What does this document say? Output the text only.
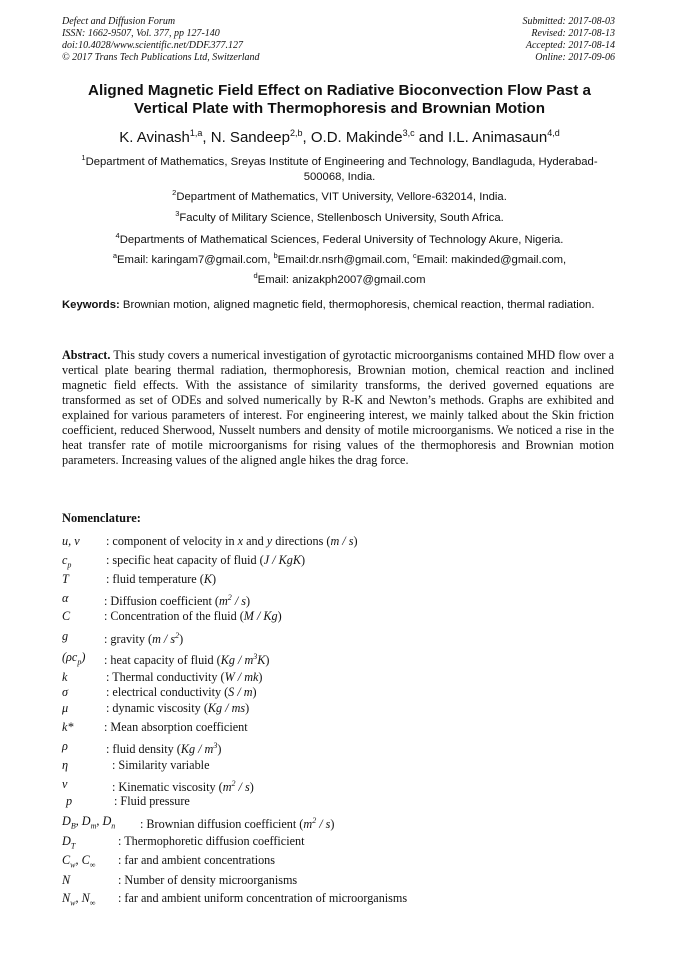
Defect and Diffusion Forum
ISSN: 1662-9507, Vol. 377, pp 127-140
doi:10.4028/www.scientific.net/DDF.377.127
© 2017 Trans Tech Publications Ltd, Switzerland
Submitted: 2017-08-03
Revised: 2017-08-13
Accepted: 2017-08-14
Online: 2017-09-06
Aligned Magnetic Field Effect on Radiative Bioconvection Flow Past a Vertical Plate with Thermophoresis and Brownian Motion
K. Avinash$^{1,a}$, N. Sandeep$^{2,b}$, O.D. Makinde$^{3,c}$ and I.L. Animasaun$^{4,d}$
$^1$Department of Mathematics, Sreyas Institute of Engineering and Technology, Bandlaguda, Hyderabad-500068, India.
$^2$Department of Mathematics, VIT University, Vellore-632014, India.
$^3$Faculty of Military Science, Stellenbosch University, South Africa.
$^4$Departments of Mathematical Sciences, Federal University of Technology Akure, Nigeria.
$^a$Email: karingam7@gmail.com, $^b$Email:dr.nsrh@gmail.com, $^c$Email: makinded@gmail.com,
$^d$Email: anizakph2007@gmail.com
Keywords: Brownian motion, aligned magnetic field, thermophoresis, chemical reaction, thermal radiation.
Abstract. This study covers a numerical investigation of gyrotactic microorganisms contained MHD flow over a vertical plate bearing thermal radiation, thermophoresis, Brownian motion, chemical reaction and inclined magnetic field effects. With the assistance of similarity transforms, the derived governed equations are transformed as set of ODEs and solved numerically by R-K and Newton’s methods. Graphs are exhibited and explained for various parameters of interest. For engineering interest, we mainly talked about the Skin friction coefficient, reduced Sherwood, Nusselt numbers and density of motile microorganisms. We noticed a rise in the heat transfer rate of motile microorganisms for rising values of the thermophoresis and Brownian motion parameters. Increasing values of the aligned angle hikes the drag force.
Nomenclature:
u, v : component of velocity in x and y directions (m / s)
$c_p$	: specific heat capacity of fluid (J / KgK)
T	: fluid temperature (K)
α	: Diffusion coefficient $(m^2 / s)$
C	: Concentration of the fluid (M / Kg)
g	: gravity $(m / s^2)$
$(\rho c_p)$ : heat capacity of fluid $(Kg / m^3K)$
k	: Thermal conductivity (W / mk)
σ	: electrical conductivity (S / m)
μ	: dynamic viscosity (Kg / ms)
k* : Mean absorption coefficient
ρ	: fluid density $(Kg / m^3)$
η	: Similarity variable
ν	: Kinematic viscosity $(m^2 / s)$
p	: Fluid pressure
$D_B$, $D_m$, $D_n$ : Brownian diffusion coefficient $(m^2 / s)$
$D_T$	: Thermophoretic diffusion coefficient
$C_w$, $C_\infty$ : far and ambient concentrations
N	: Number of density microorganisms
$N_w$, $N_\infty$ : far and ambient uniform concentration of microorganisms
